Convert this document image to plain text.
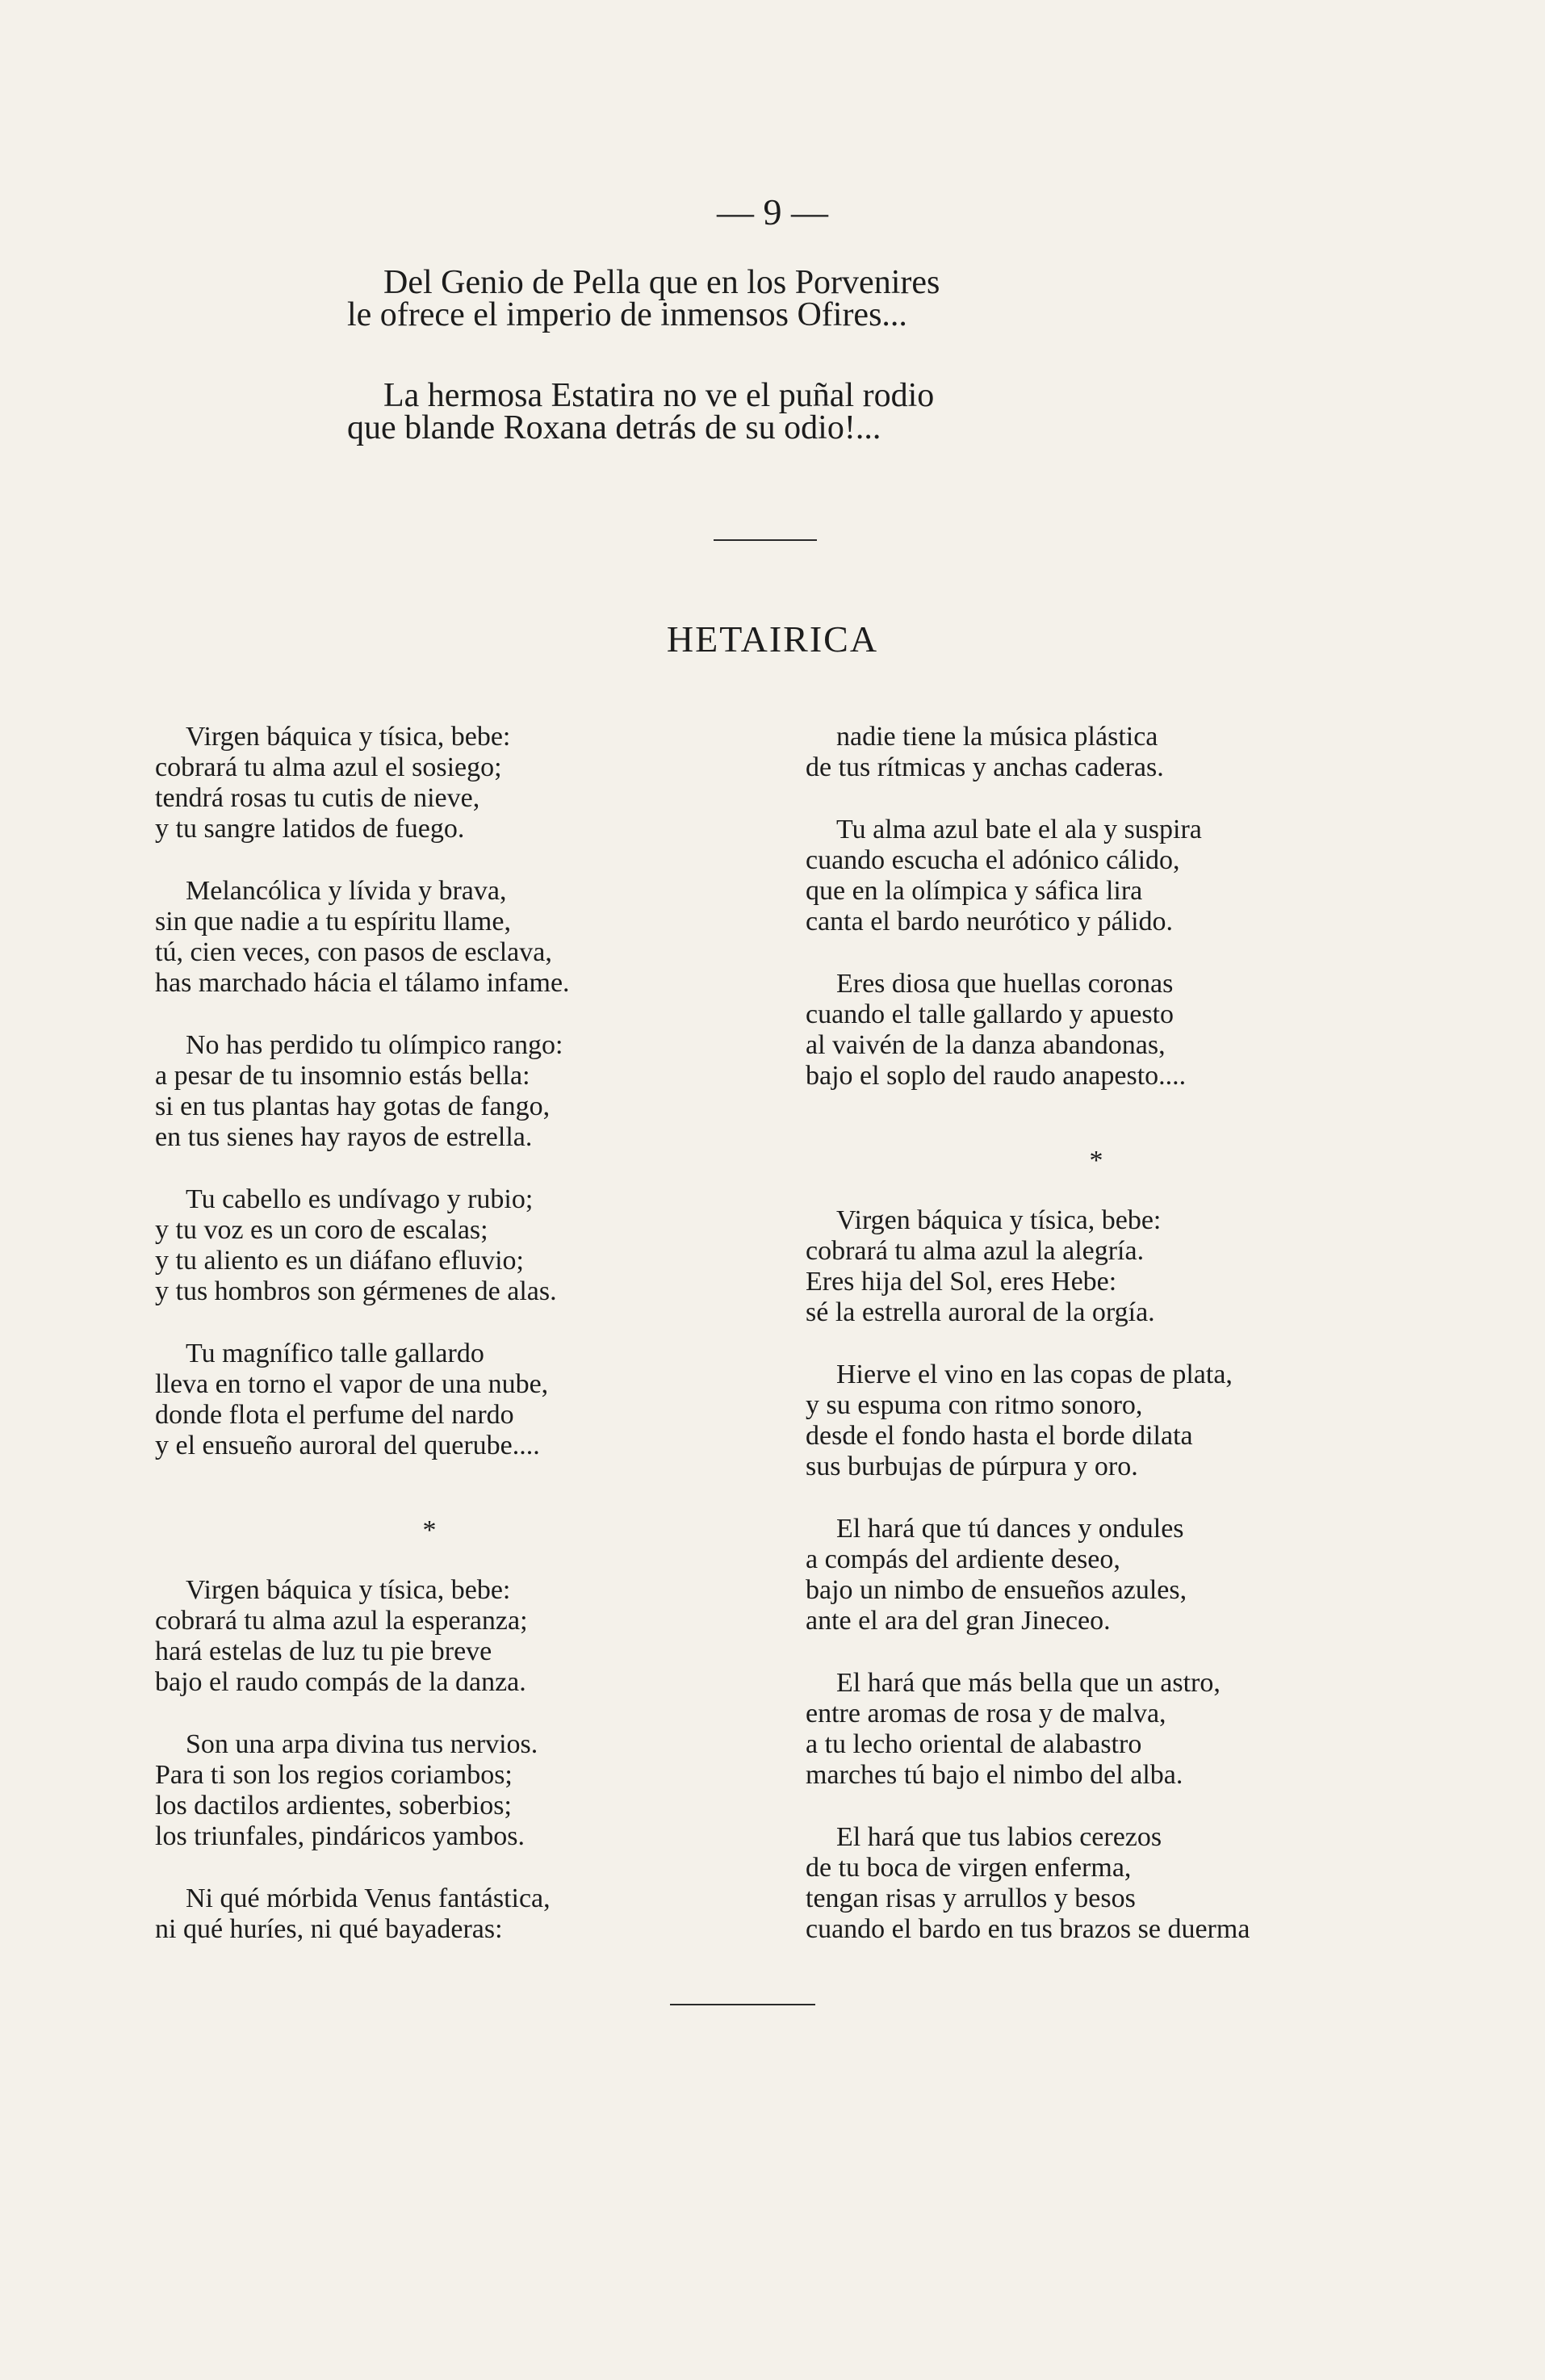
— 9 —
Del Genio de Pella que en los Porvenires
le ofrece el imperio de inmensos Ofires...
La hermosa Estatira no ve el puñal rodio
que blande Roxana detrás de su odio!...
HETAIRICA
Virgen báquica y tísica, bebe:
cobrará tu alma azul el sosiego;
tendrá rosas tu cutis de nieve,
y tu sangre latidos de fuego.
Melancólica y lívida y brava,
sin que nadie a tu espíritu llame,
tú, cien veces, con pasos de esclava,
has marchado hácia el tálamo infame.
No has perdido tu olímpico rango:
a pesar de tu insomnio estás bella:
si en tus plantas hay gotas de fango,
en tus sienes hay rayos de estrella.
Tu cabello es undívago y rubio;
y tu voz es un coro de escalas;
y tu aliento es un diáfano efluvio;
y tus hombros son gérmenes de alas.
Tu magnífico talle gallardo
lleva en torno el vapor de una nube,
donde flota el perfume del nardo
y el ensueño auroral del querube....
*
Virgen báquica y tísica, bebe:
cobrará tu alma azul la esperanza;
hará estelas de luz tu pie breve
bajo el raudo compás de la danza.
Son una arpa divina tus nervios.
Para ti son los regios coriambos;
los dactilos ardientes, soberbios;
los triunfales, pindáricos yambos.
Ni qué mórbida Venus fantástica,
ni qué huríes, ni qué bayaderas:
nadie tiene la música plástica
de tus rítmicas y anchas caderas.
Tu alma azul bate el ala y suspira
cuando escucha el adónico cálido,
que en la olímpica y sáfica lira
canta el bardo neurótico y pálido.
Eres diosa que huellas coronas
cuando el talle gallardo y apuesto
al vaivén de la danza abandonas,
bajo el soplo del raudo anapesto....
*
Virgen báquica y tísica, bebe:
cobrará tu alma azul la alegría.
Eres hija del Sol, eres Hebe:
sé la estrella auroral de la orgía.
Hierve el vino en las copas de plata,
y su espuma con ritmo sonoro,
desde el fondo hasta el borde dilata
sus burbujas de púrpura y oro.
El hará que tú dances y ondules
a compás del ardiente deseo,
bajo un nimbo de ensueños azules,
ante el ara del gran Jineceo.
El hará que más bella que un astro,
entre aromas de rosa y de malva,
a tu lecho oriental de alabastro
marches tú bajo el nimbo del alba.
El hará que tus labios cerezos
de tu boca de virgen enferma,
tengan risas y arrullos y besos
cuando el bardo en tus brazos se duerma
